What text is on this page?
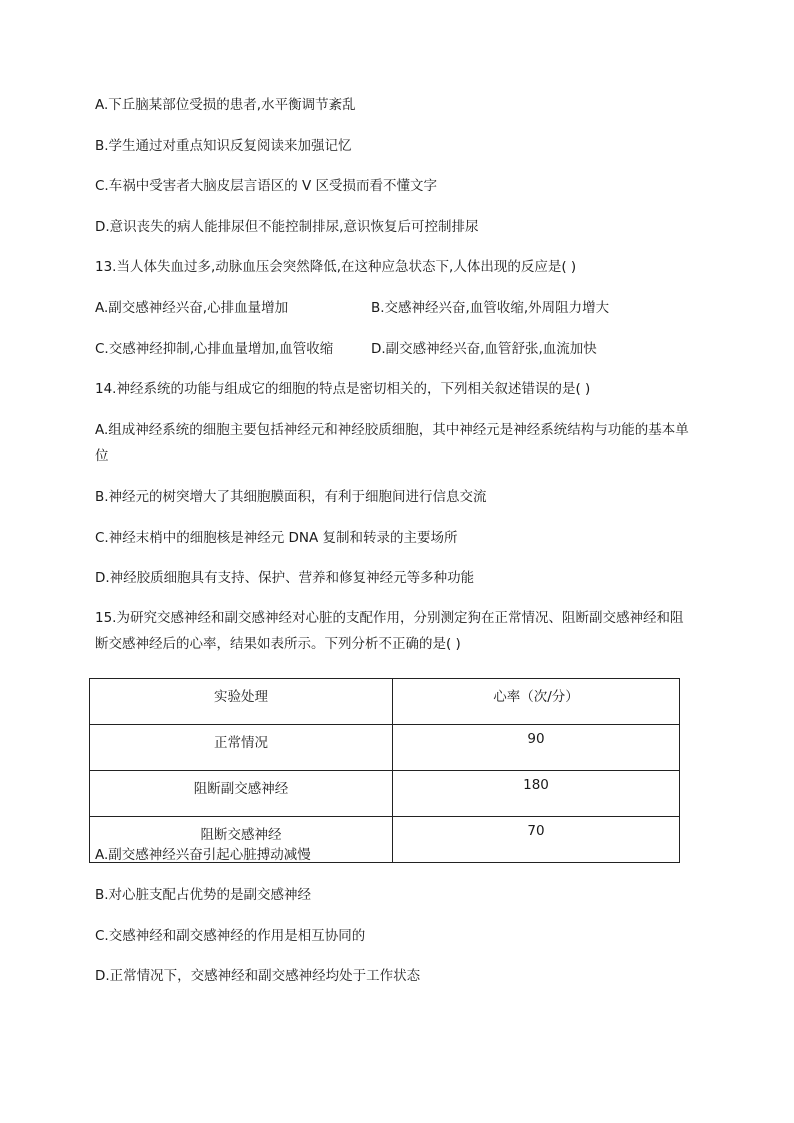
A.下丘脑某部位受损的患者,水平衡调节紊乱
B.学生通过对重点知识反复阅读来加强记忆
C.车祸中受害者大脑皮层言语区的 V 区受损而看不懂文字
D.意识丧失的病人能排尿但不能控制排尿,意识恢复后可控制排尿
13.当人体失血过多,动脉血压会突然降低,在这种应急状态下,人体出现的反应是( )
A.副交感神经兴奋,心排血量增加	B.交感神经兴奋,血管收缩,外周阻力增大
C.交感神经抑制,心排血量增加,血管收缩	D.副交感神经兴奋,血管舒张,血流加快
14.神经系统的功能与组成它的细胞的特点是密切相关的，下列相关叙述错误的是( )
A.组成神经系统的细胞主要包括神经元和神经胶质细胞，其中神经元是神经系统结构与功能的基本单位
B.神经元的树突增大了其细胞膜面积，有利于细胞间进行信息交流
C.神经末梢中的细胞核是神经元 DNA 复制和转录的主要场所
D.神经胶质细胞具有支持、保护、营养和修复神经元等多种功能
15.为研究交感神经和副交感神经对心脏的支配作用，分别测定狗在正常情况、阻断副交感神经和阻断交感神经后的心率，结果如表所示。下列分析不正确的是( )
实验处理	心率（次/分）
正常情况	90
阻断副交感神经	180
阻断交感神经	70
A.副交感神经兴奋引起心脏搏动减慢
B.对心脏支配占优势的是副交感神经
C.交感神经和副交感神经的作用是相互协同的
D.正常情况下，交感神经和副交感神经均处于工作状态
